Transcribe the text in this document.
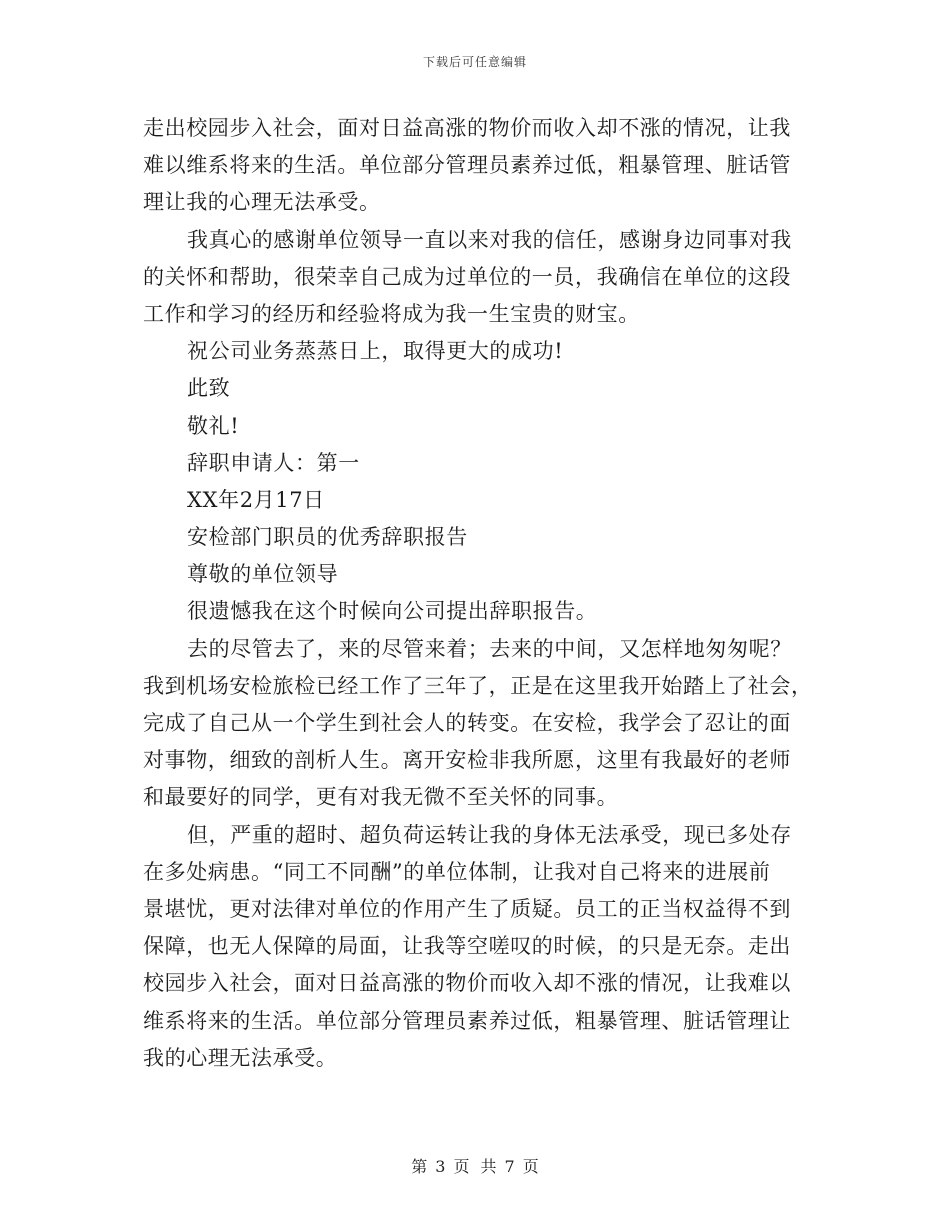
下载后可任意编辑
走出校园步入社会，面对日益高涨的物价而收入却不涨的情况，让我
难以维系将来的生活。单位部分管理员素养过低，粗暴管理、脏话管
理让我的心理无法承受。
我真心的感谢单位领导一直以来对我的信任，感谢身边同事对我
的关怀和帮助，很荣幸自己成为过单位的一员，我确信在单位的这段
工作和学习的经历和经验将成为我一生宝贵的财宝。
祝公司业务蒸蒸日上，取得更大的成功!
此致
敬礼!
辞职申请人：第一
XX年2月17日
安检部门职员的优秀辞职报告
尊敬的单位领导
很遗憾我在这个时候向公司提出辞职报告。
去的尽管去了，来的尽管来着；去来的中间，又怎样地匆匆呢？
我到机场安检旅检已经工作了三年了，正是在这里我开始踏上了社会，
完成了自己从一个学生到社会人的转变。在安检，我学会了忍让的面
对事物，细致的剖析人生。离开安检非我所愿，这里有我最好的老师
和最要好的同学，更有对我无微不至关怀的同事。
但，严重的超时、超负荷运转让我的身体无法承受，现已多处存
在多处病患。“同工不同酬”的单位体制，让我对自己将来的进展前
景堪忧，更对法律对单位的作用产生了质疑。员工的正当权益得不到
保障，也无人保障的局面，让我等空嗟叹的时候，的只是无奈。走出
校园步入社会，面对日益高涨的物价而收入却不涨的情况，让我难以
维系将来的生活。单位部分管理员素养过低，粗暴管理、脏话管理让
我的心理无法承受。
第 3 页 共 7 页
